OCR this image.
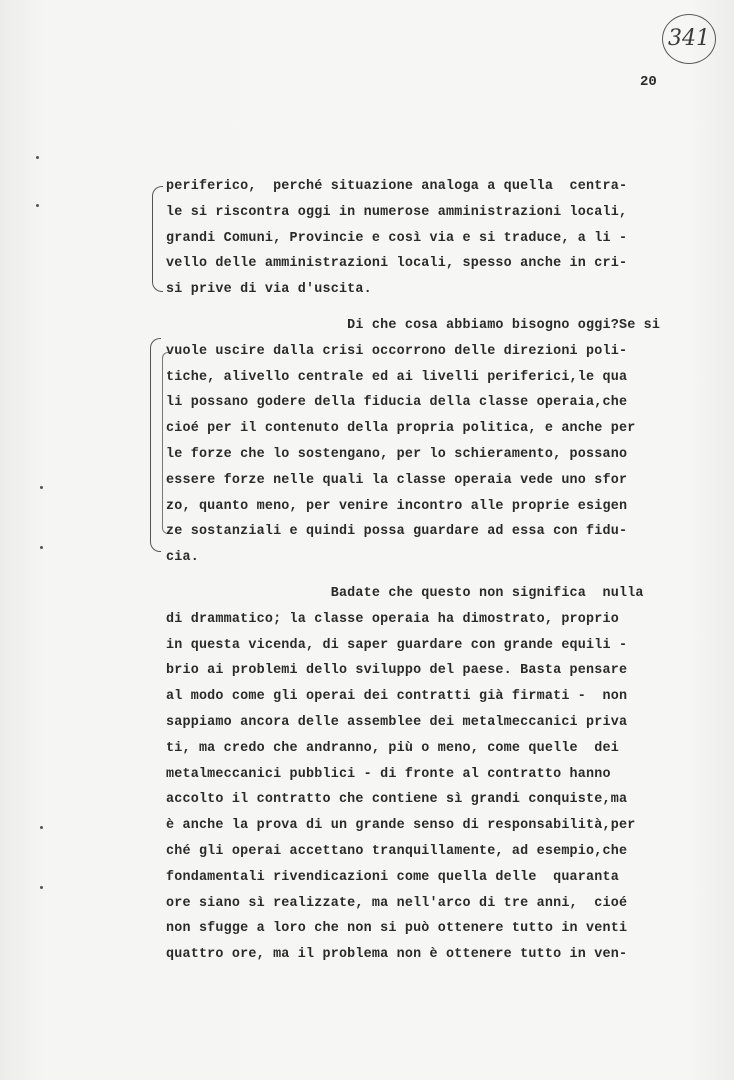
341
20
periferico,  perché situazione analoga a quella  centra-
le si riscontra oggi in numerose amministrazioni locali,
grandi Comuni, Provincie e così via e si traduce, a li -
vello delle amministrazioni locali, spesso anche in cri-
si prive di via d'uscita.
Di che cosa abbiamo bisogno oggi?Se si
vuole uscire dalla crisi occorrono delle direzioni poli-
tiche, alivello centrale ed ai livelli periferici,le qua
li possano godere della fiducia della classe operaia,che
cioé per il contenuto della propria politica, e anche per
le forze che lo sostengano, per lo schieramento, possano
essere forze nelle quali la classe operaia vede uno sfor
zo, quanto meno, per venire incontro alle proprie esigen
ze sostanziali e quindi possa guardare ad essa con fidu-
cia.
Badate che questo non significa  nulla
di drammatico; la classe operaia ha dimostrato, proprio
in questa vicenda, di saper guardare con grande equili -
brio ai problemi dello sviluppo del paese. Basta pensare
al modo come gli operai dei contratti già firmati -  non
sappiamo ancora delle assemblee dei metalmeccanici priva
ti, ma credo che andranno, più o meno, come quelle  dei
metalmeccanici pubblici - di fronte al contratto hanno
accolto il contratto che contiene sì grandi conquiste,ma
è anche la prova di un grande senso di responsabilità,per
ché gli operai accettano tranquillamente, ad esempio,che
fondamentali rivendicazioni come quella delle  quaranta
ore siano sì realizzate, ma nell'arco di tre anni,  cioé
non sfugge a loro che non si può ottenere tutto in venti
quattro ore, ma il problema non è ottenere tutto in ven-
